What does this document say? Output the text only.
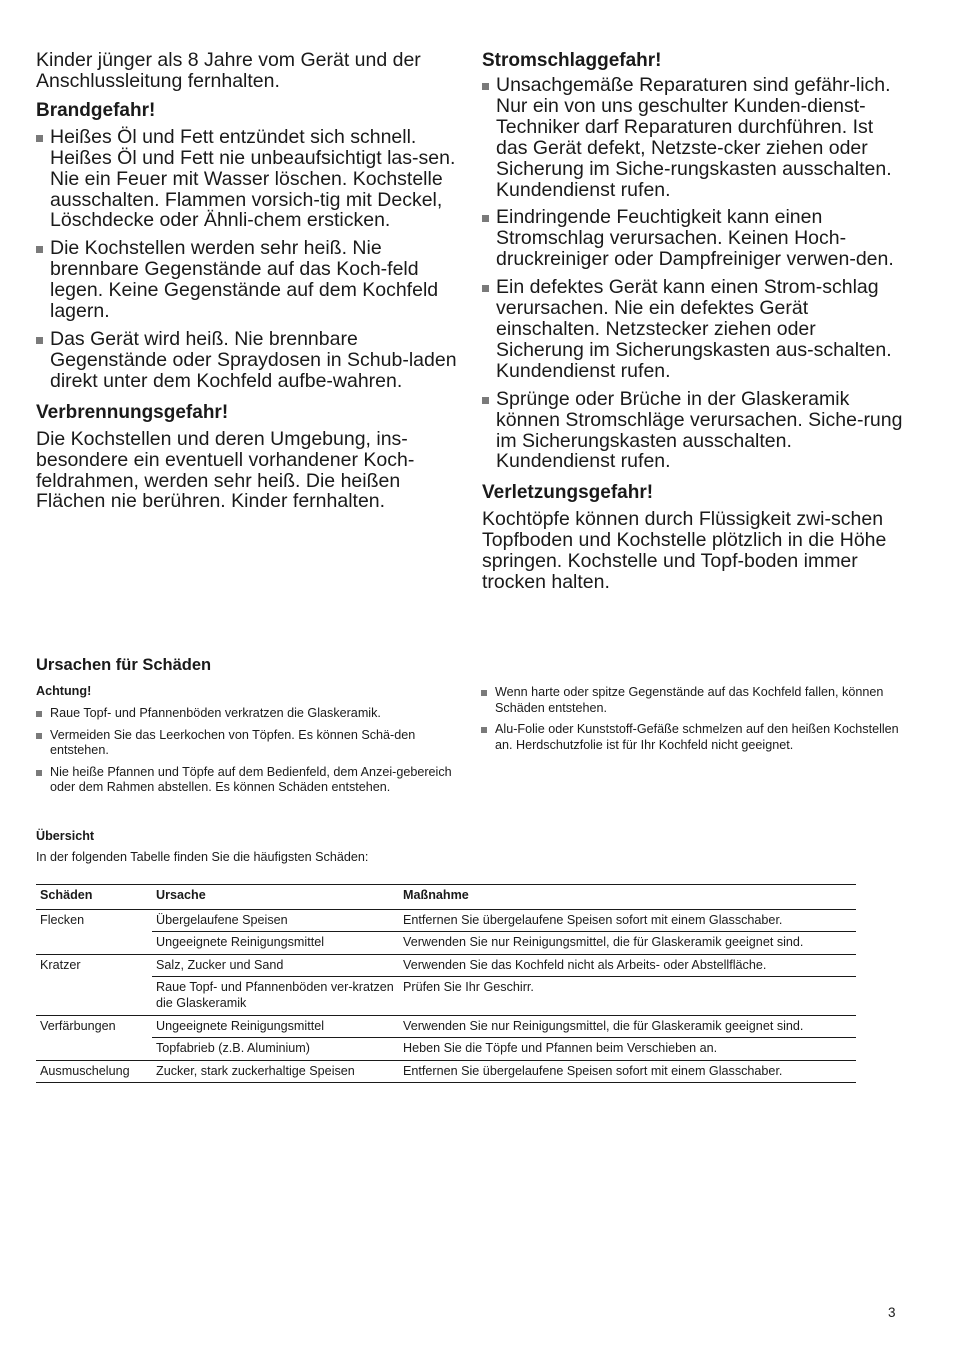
Kinder jünger als 8 Jahre vom Gerät und der Anschlussleitung fernhalten.

Brandgefahr!

Heißes Öl und Fett entzündet sich schnell. Heißes Öl und Fett nie unbeaufsichtigt las-sen. Nie ein Feuer mit Wasser löschen. Kochstelle ausschalten. Flammen vorsich-tig mit Deckel, Löschdecke oder Ähnli-chem ersticken.

Die Kochstellen werden sehr heiß. Nie brennbare Gegenstände auf das Koch-feld legen. Keine Gegenstände auf dem Kochfeld lagern.

Das Gerät wird heiß. Nie brennbare Gegenstände oder Spraydosen in Schub-laden direkt unter dem Kochfeld aufbe-wahren.

Verbrennungsgefahr!

Die Kochstellen und deren Umgebung, ins-besondere ein eventuell vorhandener Koch-feldrahmen, werden sehr heiß. Die heißen Flächen nie berühren. Kinder fernhalten.

Stromschlaggefahr!

Unsachgemäße Reparaturen sind gefähr-lich. Nur ein von uns geschulter Kunden-dienst-Techniker darf Reparaturen durchführen. Ist das Gerät defekt, Netzste-cker ziehen oder Sicherung im Siche-rungskasten ausschalten. Kundendienst rufen.

Eindringende Feuchtigkeit kann einen Stromschlag verursachen. Keinen Hoch-druckreiniger oder Dampfreiniger verwen-den.

Ein defektes Gerät kann einen Strom-schlag verursachen. Nie ein defektes Gerät einschalten. Netzstecker ziehen oder Sicherung im Sicherungskasten aus-schalten. Kundendienst rufen.

Sprünge oder Brüche in der Glaskeramik können Stromschläge verursachen. Siche-rung im Sicherungskasten ausschalten. Kundendienst rufen.

Verletzungsgefahr!

Kochtöpfe können durch Flüssigkeit zwi-schen Topfboden und Kochstelle plötzlich in die Höhe springen. Kochstelle und Topf-boden immer trocken halten.

Ursachen für Schäden

Achtung!

Raue Topf- und Pfannenböden verkratzen die Glaskeramik.

Vermeiden Sie das Leerkochen von Töpfen. Es können Schä-den entstehen.

Nie heiße Pfannen und Töpfe auf dem Bedienfeld, dem Anzei-gebereich oder dem Rahmen abstellen. Es können Schäden entstehen.

Wenn harte oder spitze Gegenstände auf das Kochfeld fallen, können Schäden entstehen.

Alu-Folie oder Kunststoff-Gefäße schmelzen auf den heißen Kochstellen an. Herdschutzfolie ist für Ihr Kochfeld nicht geeignet.

Übersicht

In der folgenden Tabelle finden Sie die häufigsten Schäden:

Schäden	Ursache	Maßnahme
Flecken	Übergelaufene Speisen	Entfernen Sie übergelaufene Speisen sofort mit einem Glasschaber.
	Ungeeignete Reinigungsmittel	Verwenden Sie nur Reinigungsmittel, die für Glaskeramik geeignet sind.
Kratzer	Salz, Zucker und Sand	Verwenden Sie das Kochfeld nicht als Arbeits- oder Abstellfläche.
	Raue Topf- und Pfannenböden ver-kratzen die Glaskeramik	Prüfen Sie Ihr Geschirr.
Verfärbungen	Ungeeignete Reinigungsmittel	Verwenden Sie nur Reinigungsmittel, die für Glaskeramik geeignet sind.
	Topfabrieb (z.B. Aluminium)	Heben Sie die Töpfe und Pfannen beim Verschieben an.
Ausmuschelung	Zucker, stark zuckerhaltige Speisen	Entfernen Sie übergelaufene Speisen sofort mit einem Glasschaber.
3
